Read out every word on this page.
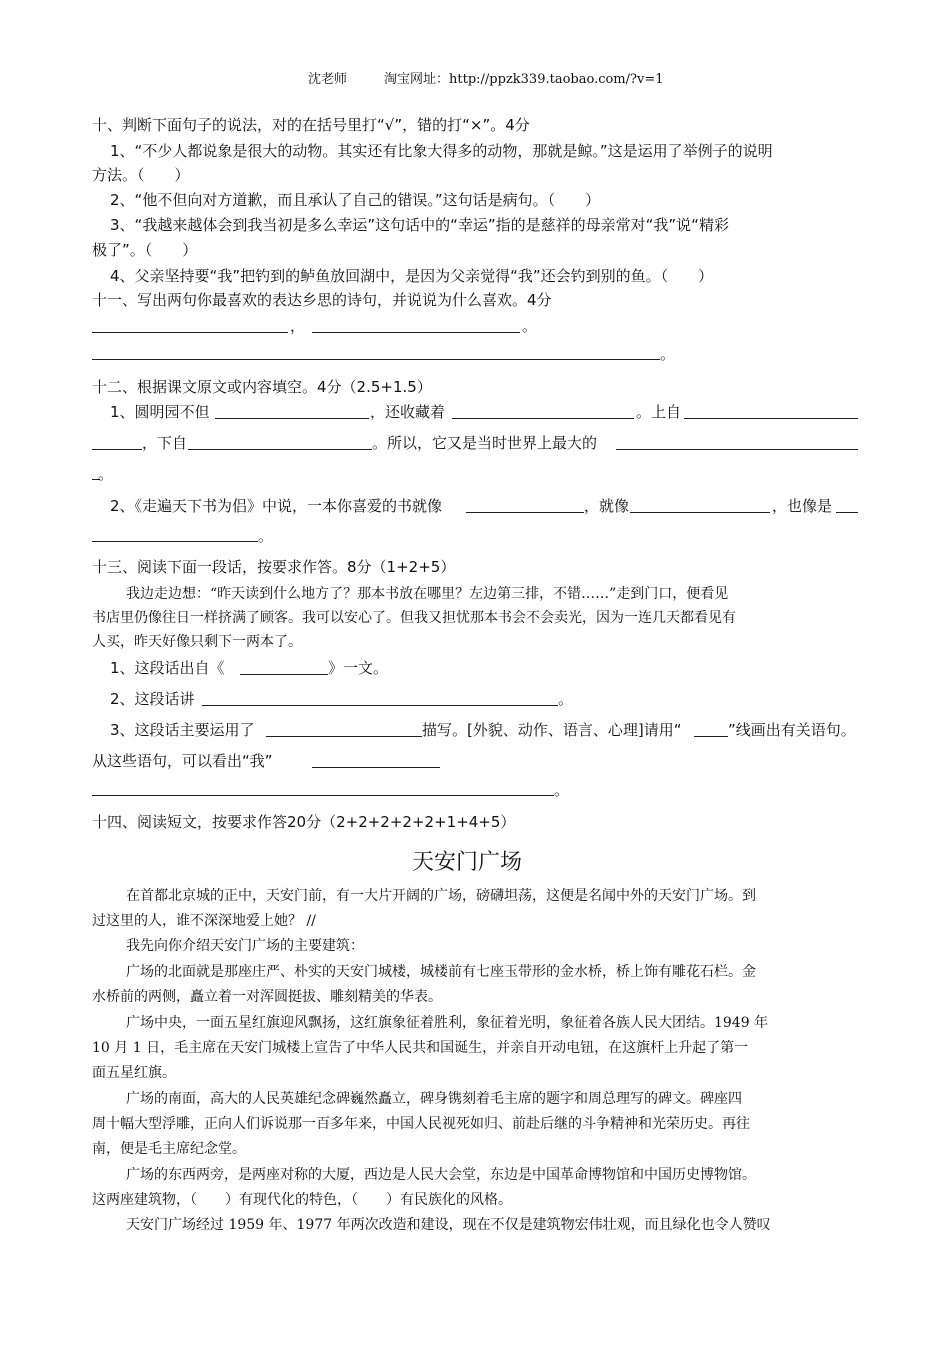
沈老师	淘宝网址：http://ppzk339.taobao.com/?v=1
十、判断下面句子的说法，对的在括号里打“√”，错的打“×”。4分
1、“不少人都说象是很大的动物。其实还有比象大得多的动物，那就是鲸。”这是运用了举例子的说明
方法。（　　）
2、“他不但向对方道歉，而且承认了自己的错误。”这句话是病句。（　　）
3、“我越来越体会到我当初是多么幸运”这句话中的“幸运”指的是慈祥的母亲常对“我”说“精彩
极了”。（　　）
4、父亲坚持要“我”把钓到的鲈鱼放回湖中，是因为父亲觉得“我”还会钓到别的鱼。（　　）
十一、写出两句你最喜欢的表达乡思的诗句，并说说为什么喜欢。4分
，	。
。
十二、根据课文原文或内容填空。4分（2.5+1.5）
1、圆明园不但	，还收藏着	。上自
，下自	。所以，它又是当时世界上最大的
。
2、《走遍天下书为侣》中说，一本你喜爱的书就像	，就像	，也像是
。
十三、阅读下面一段话，按要求作答。8分（1+2+5）
我边走边想：“昨天读到什么地方了？那本书放在哪里？左边第三排，不错……”走到门口，便看见
书店里仍像往日一样挤满了顾客。我可以安心了。但我又担忧那本书会不会卖光，因为一连几天都看见有
人买，昨天好像只剩下一两本了。
1、这段话出自《	》一文。
2、这段话讲	。
3、这段话主要运用了	描写。[外貌、动作、语言、心理]请用“	”线画出有关语句。
从这些语句，可以看出“我”
。
十四、阅读短文，按要求作答20分（2+2+2+2+2+1+4+5）
天安门广场
在首都北京城的正中，天安门前，有一大片开阔的广场，磅礴坦荡，这便是名闻中外的天安门广场。到
过这里的人，谁不深深地爱上她？ //
我先向你介绍天安门广场的主要建筑：
广场的北面就是那座庄严、朴实的天安门城楼，城楼前有七座玉带形的金水桥，桥上饰有雕花石栏。金
水桥前的两侧，矗立着一对浑圆挺拔、雕刻精美的华表。
广场中央，一面五星红旗迎风飘扬，这红旗象征着胜利，象征着光明，象征着各族人民大团结。1949 年
10 月 1 日，毛主席在天安门城楼上宣告了中华人民共和国诞生，并亲自开动电钮，在这旗杆上升起了第一
面五星红旗。
广场的南面，高大的人民英雄纪念碑巍然矗立，碑身镌刻着毛主席的题字和周总理写的碑文。碑座四
周十幅大型浮雕，正向人们诉说那一百多年来，中国人民视死如归、前赴后继的斗争精神和光荣历史。再往
南，便是毛主席纪念堂。
广场的东西两旁，是两座对称的大厦，西边是人民大会堂，东边是中国革命博物馆和中国历史博物馆。
这两座建筑物，（　　）有现代化的特色，（　　）有民族化的风格。
天安门广场经过 1959 年、1977 年两次改造和建设，现在不仅是建筑物宏伟壮观，而且绿化也令人赞叹
